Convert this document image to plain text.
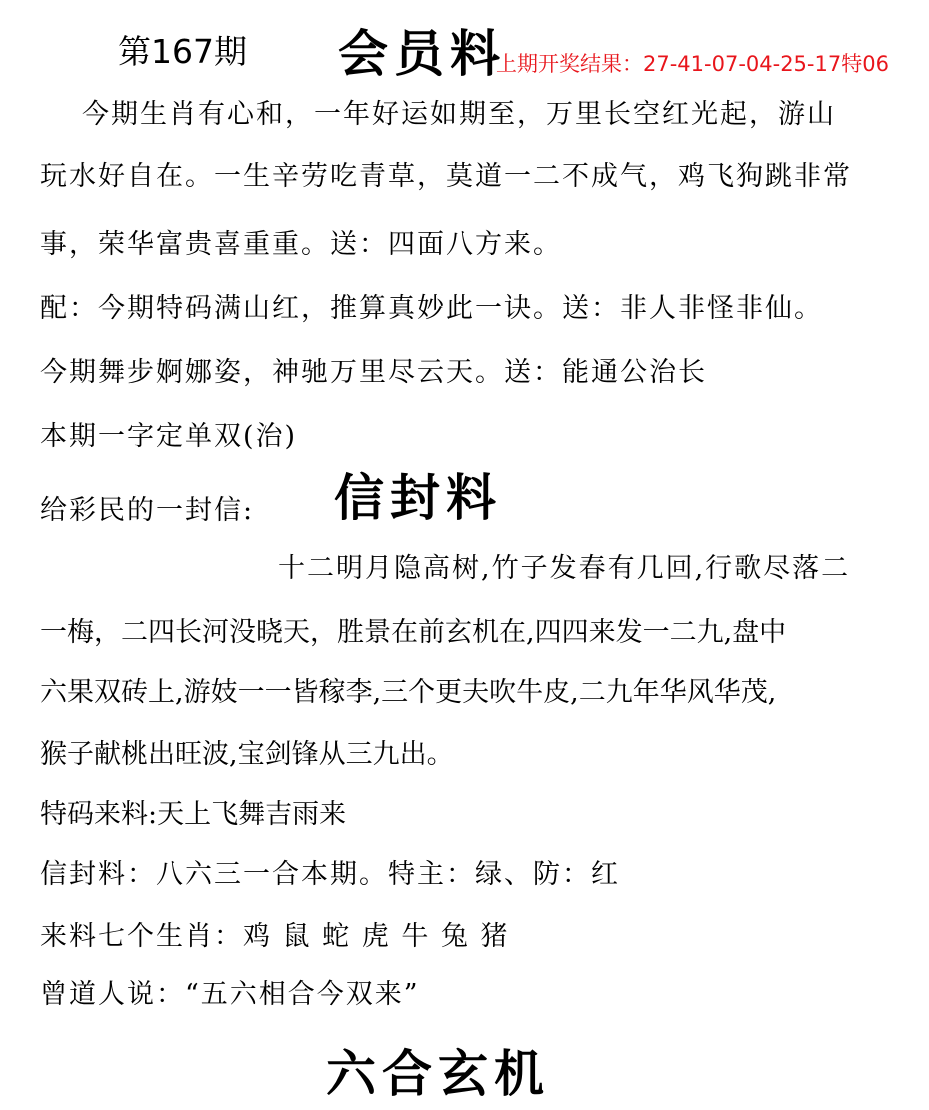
第167期 会员料
上期开奖结果：27-41-07-04-25-17特06
今期生肖有心和，一年好运如期至，万里长空红光起，游山
玩水好自在。一生辛劳吃青草，莫道一二不成气，鸡飞狗跳非常
事，荣华富贵喜重重。送：四面八方来。
配：今期特码满山红，推算真妙此一诀。送：非人非怪非仙。
今期舞步婀娜姿，神驰万里尽云天。送：能通公治长
本期一字定单双(治)
给彩民的一封信: 信封料
十二明月隐高树,竹子发春有几回,行歌尽落二
一梅，二四长河没晓天，胜景在前玄机在,四四来发一二九,盘中
六果双砖上,游妓一一皆稼李,三个更夫吹牛皮,二九年华风华茂,
猴子献桃出旺波,宝剑锋从三九出。
特码来料:天上飞舞吉雨来
信封料：八六三一合本期。特主：绿、防：红
来料七个生肖：鸡 鼠 蛇 虎 牛 兔 猪
曾道人说：“五六相合今双来”
六合玄机
